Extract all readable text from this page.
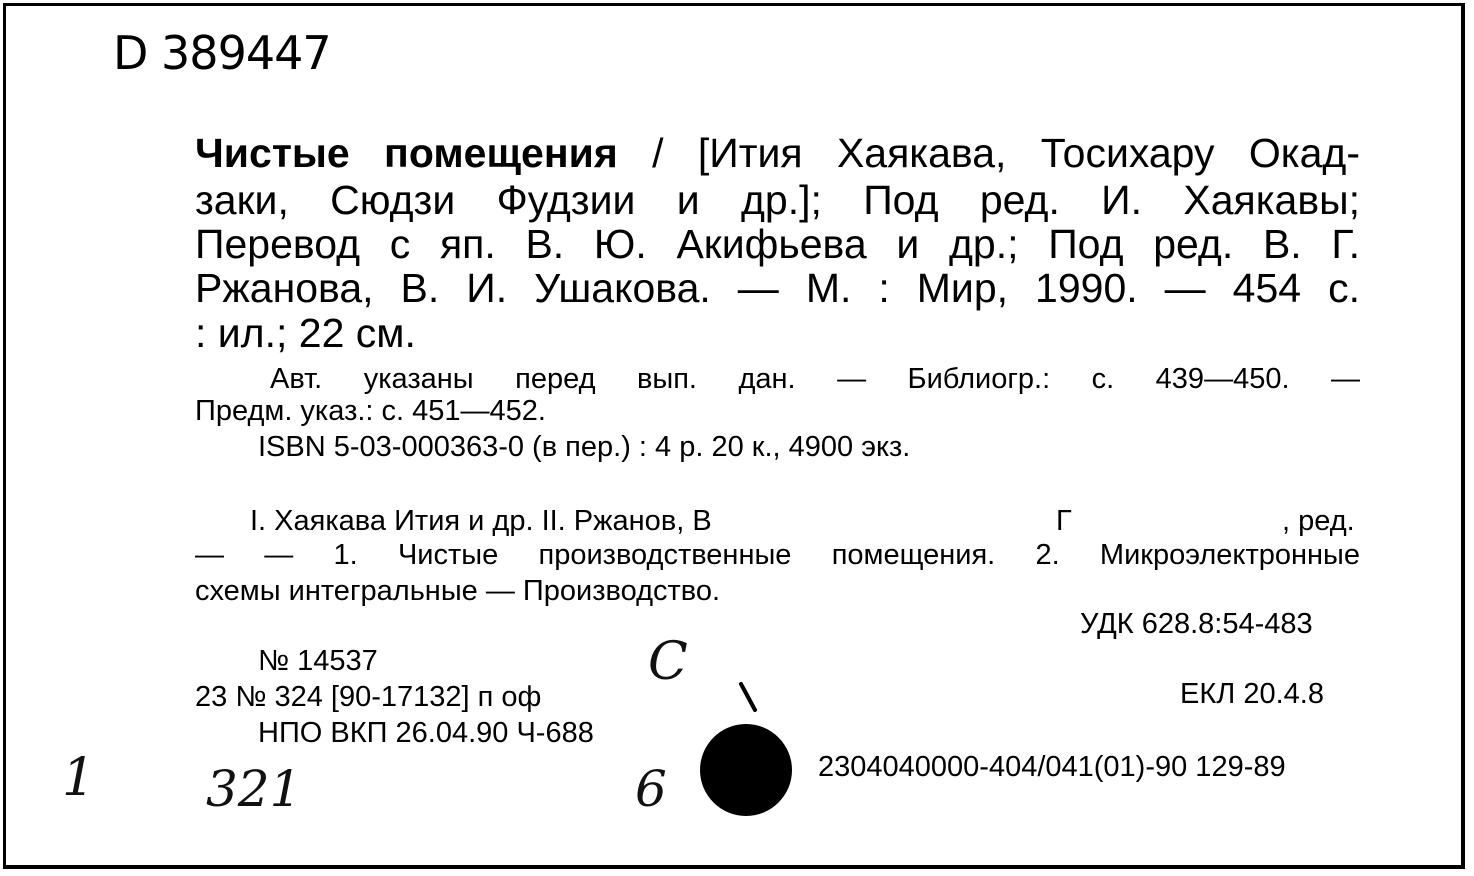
D 389447
Чистые помещения / [Ития Хаякава, Тосихару Окад-
заки, Сюдзи Фудзии и др.]; Под ред. И. Хаякавы;
Перевод с яп. В. Ю. Акифьева и др.; Под ред. В. Г.
Ржанова, В. И. Ушакова. — М. : Мир, 1990. — 454 с.
: ил.; 22 см.
Авт. указаны перед вып. дан. — Библиогр.: с. 439—450. —
Предм. указ.: с. 451—452.
ISBN 5-03-000363-0 (в пер.) : 4 р. 20 к., 4900 экз.
I. Хаякава Ития и др. II. Ржанов, В	Г	, ред.
— — 1. Чистые производственные помещения. 2. Микроэлектронные
схемы интегральные — Производство.
УДК 628.8:54-483
ЕКЛ 20.4.8
№ 14537
23 № 324 [90-17132] п оф
НПО ВКП 26.04.90 Ч-688
2304040000-404/041(01)-90 129-89
1 321
С
6
